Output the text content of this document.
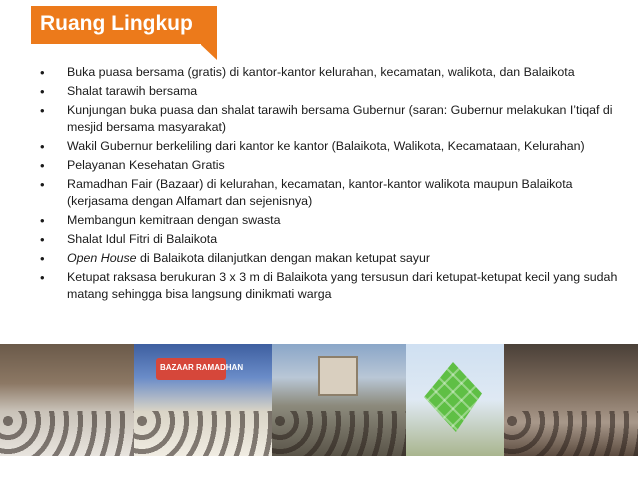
Ruang Lingkup
• Buka puasa bersama (gratis) di kantor-kantor kelurahan, kecamatan, walikota, dan Balaikota
• Shalat tarawih bersama
• Kunjungan buka puasa dan shalat tarawih bersama Gubernur (saran: Gubernur melakukan I’tiqaf di mesjid bersama masyarakat)
• Wakil Gubernur berkeliling dari kantor ke kantor (Balaikota, Walikota, Kecamataan, Kelurahan)
• Pelayanan Kesehatan Gratis
• Ramadhan Fair (Bazaar) di kelurahan, kecamatan, kantor-kantor walikota maupun Balaikota (kerjasama dengan Alfamart dan sejenisnya)
• Membangun kemitraan dengan swasta
• Shalat Idul Fitri di Balaikota
• Open House di Balaikota dilanjutkan dengan makan ketupat sayur
• Ketupat raksasa berukuran 3 x 3 m di Balaikota yang tersusun dari ketupat-ketupat kecil yang sudah matang sehingga bisa langsung dinikmati warga
BAZAAR RAMADHAN
